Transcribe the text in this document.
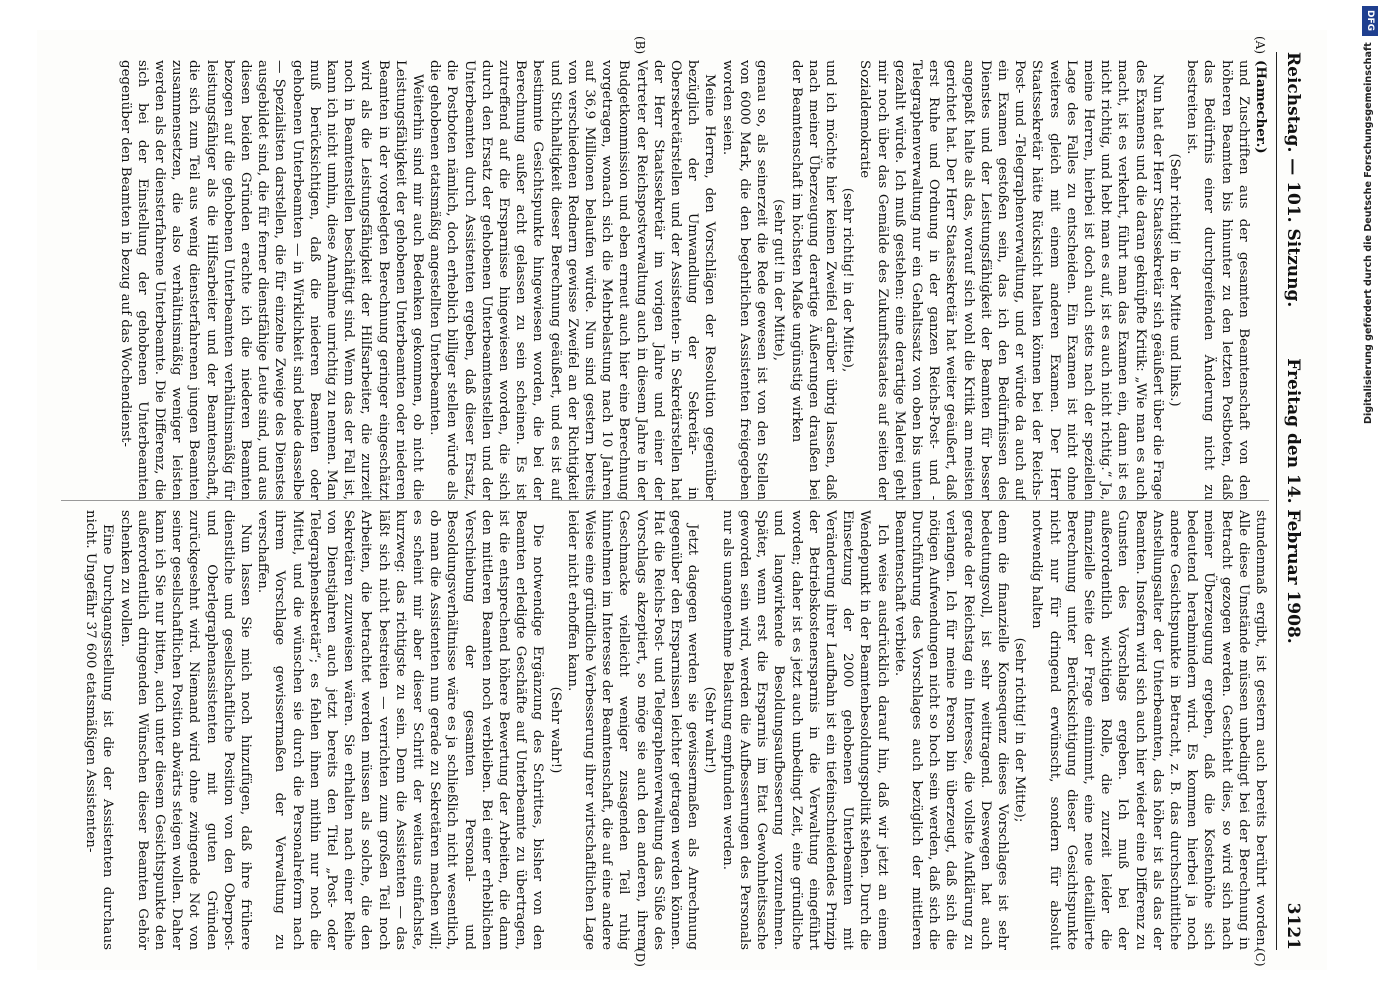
Reichstag. — 101. Sitzung.
Freitag den 14. Februar 1908.
3121
(A)
(B)
(C)
(D)

(Hamecher.)

und Zuschriften aus der gesamten Beamtenschaft von den höheren Beamten bis hinunter zu den letzten Postboten, daß das Bedürfnis einer durchgreifenden Änderung nicht zu bestreiten ist.

(Sehr richtig! in der Mitte und links.)

Nun hat der Herr Staatssekretär sich geäußert über die Frage des Examens und die daran geknüpfte Kritik: „Wie man es auch macht, ist es verkehrt, führt man das Examen ein, dann ist es nicht richtig, und hebt man es auf, ist es auch nicht richtig.“ Ja, meine Herren, hierbei ist doch auch stets nach der speziellen Lage des Falles zu entscheiden. Ein Examen ist nicht ohne weiteres gleich mit einem anderen Examen. Der Herr Staatssekretär hätte Rücksicht halten können bei der Reichs-Post- und -Telegraphenverwaltung, und er würde da auch auf ein Examen gestoßen sein, das ich den Bedürfnissen des Dienstes und der Leistungsfähigkeit der Beamten für besser angepaßt halte als das, worauf sich wohl die Kritik am meisten gerichtet hat. Der Herr Staatssekretär hat weiter geäußert, daß erst Ruhe und Ordnung in der ganzen Reichs-Post- und -Telegraphenverwaltung nur ein Gehaltssatz von oben bis unten gezahlt würde. Ich muß gestehen: eine derartige Malerei geht mir noch über das Gemälde des Zukunftsstaates auf seiten der Sozialdemokratie

(sehr richtig! in der Mitte),

und ich möchte hier keinen Zweifel darüber übrig lassen, daß nach meiner Überzeugung derartige Äußerungen draußen bei der Beamtenschaft im höchsten Maße ungünstig wirken

(sehr gut! in der Mitte),

genau so, als seinerzeit die Rede gewesen ist von den Stellen von 6000 Mark, die den begehrlichen Assistenten freigegeben worden seien.

Meine Herren, den Vorschlägen der Resolution gegenüber bezüglich der Umwandlung der Sekretär- in Obersekretärstellen und der Assistenten- in Sekretärstellen hat der Herr Staatssekretär im vorigen Jahre und einer der Vertreter der Reichspostverwaltung auch in diesem Jahre in der Budgetkommission und eben erneut auch hier eine Berechnung vorgetragen, wonach sich die Mehrbelastung nach 10 Jahren auf 36,9 Millionen belaufen würde. Nun sind gestern bereits von verschiedenen Rednern gewisse Zweifel an der Richtigkeit und Stichhaltigkeit dieser Berechnung geäußert, und es ist auf bestimmte Gesichtspunkte hingewiesen worden, die bei der Berechnung außer acht gelassen zu sein scheinen. Es ist zutreffend auf die Ersparnisse hingewiesen worden, die sich durch den Ersatz der gehobenen Unterbeamtenstellen und der Unterbeamten durch Assistenten ergeben, daß dieser Ersatz, die Postboten nämlich, doch erheblich billiger stellen würde als die gehobenen etatsmäßig angestellten Unterbeamten.

Weiterhin sind mir auch Bedenken gekommen, ob nicht die Leistungsfähigkeit der gehobenen Unterbeamten oder niederen Beamten in der vorgelegten Berechnung geringer eingeschätzt wird als die Leistungsfähigkeit der Hilfsarbeiter, die zurzeit noch in Beamtenstellen beschäftigt sind. Wenn das der Fall ist, kann ich nicht umhin, diese Annahme unrichtig zu nennen. Man muß berücksichtigen, daß die niederen Beamten oder gehobenen Unterbeamten — in Wirklichkeit sind beide dasselbe — Spezialisten darstellen, die für einzelne Zweige des Dienstes ausgebildet sind, die für ferner dienstfähige Leute sind, und aus diesen beiden Gründen erachte ich die niederen Beamten bezogen auf die gehobenen Unterbeamten verhältnismäßig für leistungsfähiger als die Hilfsarbeiter und der Beamtenschaft, die sich zum Teil aus wenig diensterfahrenen jungen Beamten zusammensetzen, die also verhältnismäßig weniger leisten werden als der diensterfahrene Unterbeamte. Die Differenz, die sich bei der Einstellung der gehobenen Unterbeamten gegenüber den Beamten in bezug auf das Wochendienst-

stundenmaß ergibt, ist gestern auch bereits berührt worden. Alle diese Umstände müssen unbedingt bei der Berechnung in Betracht gezogen werden. Geschieht dies, so wird sich nach meiner Überzeugung ergeben, daß die Kostenhöhe sich bedeutend herabmindern wird. Es kommen hierbei ja noch andere Gesichtspunkte in Betracht, z. B. das durchschnittliche Anstellungsalter der Unterbeamten, das höher ist als das der Beamten. Insofern wird sich auch hier wieder eine Differenz zu Gunsten des Vorschlags ergeben. Ich muß bei der außerordentlich wichtigen Rolle, die zurzeit leider die finanzielle Seite der Frage einnimmt, eine neue detaillierte Berechnung unter Berücksichtigung dieser Gesichtspunkte nicht nur für dringend erwünscht, sondern für absolut notwendig halten

(sehr richtig! in der Mitte);

denn die finanzielle Konsequenz dieses Vorschlages ist sehr bedeutungsvoll, ist sehr weittragend. Deswegen hat auch gerade der Reichstag ein Interesse, die vollste Aufklärung zu verlangen. Ich für meine Person bin überzeugt, daß sich die nötigen Aufwendungen nicht so hoch sein werden, daß sich die Durchführung des Vorschlages auch bezüglich der mittleren Beamtenschaft verbiete.

Ich weise ausdrücklich darauf hin, daß wir jetzt an einem Wendepunkt in der Beamtenbesoldungspolitik stehen. Durch die Einsetzung der 2000 gehobenen Unterbeamten mit Veränderung ihrer Laufbahn ist ein tiefeinschneidendes Prinzip der Betriebskostenersparnis in die Verwaltung eingeführt worden; daher ist es jetzt auch unbedingt Zeit, eine gründliche und langwirkende Besoldungsaufbesserung vorzunehmen. Später, wenn erst die Ersparnis im Etat Gewohnheitssache geworden sein wird, werden die Aufbesserungen des Personals nur als unangenehme Belastung empfunden werden.

(Sehr wahr!)

Jetzt dagegen werden sie gewissermaßen als Anrechnung gegenüber den Ersparnissen leichter getragen werden können. Hat die Reichs-Post- und Telegraphenverwaltung das Süße des Vorschlags akzeptiert, so möge sie auch den anderen, ihrem Geschmacke vielleicht weniger zusagenden Teil ruhig hinnehmen im Interesse der Beamtenschaft, die auf eine andere Weise eine gründliche Verbesserung ihrer wirtschaftlichen Lage leider nicht erhoffen kann.

(Sehr wahr!)

Die notwendige Ergänzung des Schrittes, bisher von den Beamten erledigte Geschäfte auf Unterbeamte zu übertragen, ist die entsprechend höhere Bewertung der Arbeiten, die dann den mittleren Beamten noch verbleiben. Bei einer erheblichen Verschiebung der gesamten Personal- und Besoldungsverhältnisse wäre es ja schließlich nicht wesentlich, ob man die Assistenten nun gerade zu Sekretären machen will; es scheint mir aber dieser Schritt der weitaus einfachste, kurzweg: das richtigste zu sein. Denn die Assistenten — das läßt sich nicht bestreiten — verrichten zum großen Teil noch Arbeiten, die betrachtet werden müssen als solche, die den Sekretären zuzuweisen wären. Sie erhalten nach einer Reihe von Dienstjahren auch jetzt bereits den Titel „Post- oder Telegraphensekretär“; es fehlen ihnen mithin nur noch die Mittel, und die wünschen sie durch die Personalreform nach ihrem Vorschlage gewissermaßen der Verwaltung zu verschaffen.

Nun lassen Sie mich noch hinzufügen, daß ihre frühere dienstliche und gesellschaftliche Position von den Oberpost- und Oberlegraphenassistenten mit guten Gründen zurückgesehnt wird. Niemand wird ohne zwingende Not von seiner gesellschaftlichen Position abwärts steigen wollen. Daher kann ich Sie nur bitten, auch unter diesem Gesichtspunkte den außerordentlich dringenden Wünschen dieser Beamten Gehör schenken zu wollen.

Eine Durchgangsstellung ist die der Assistenten durchaus nicht. Ungefähr 37 600 etatsmäßigen Assistenten-

DFG
Digitalisierung gefördert durch die Deutsche Forschungsgemeinschaft
